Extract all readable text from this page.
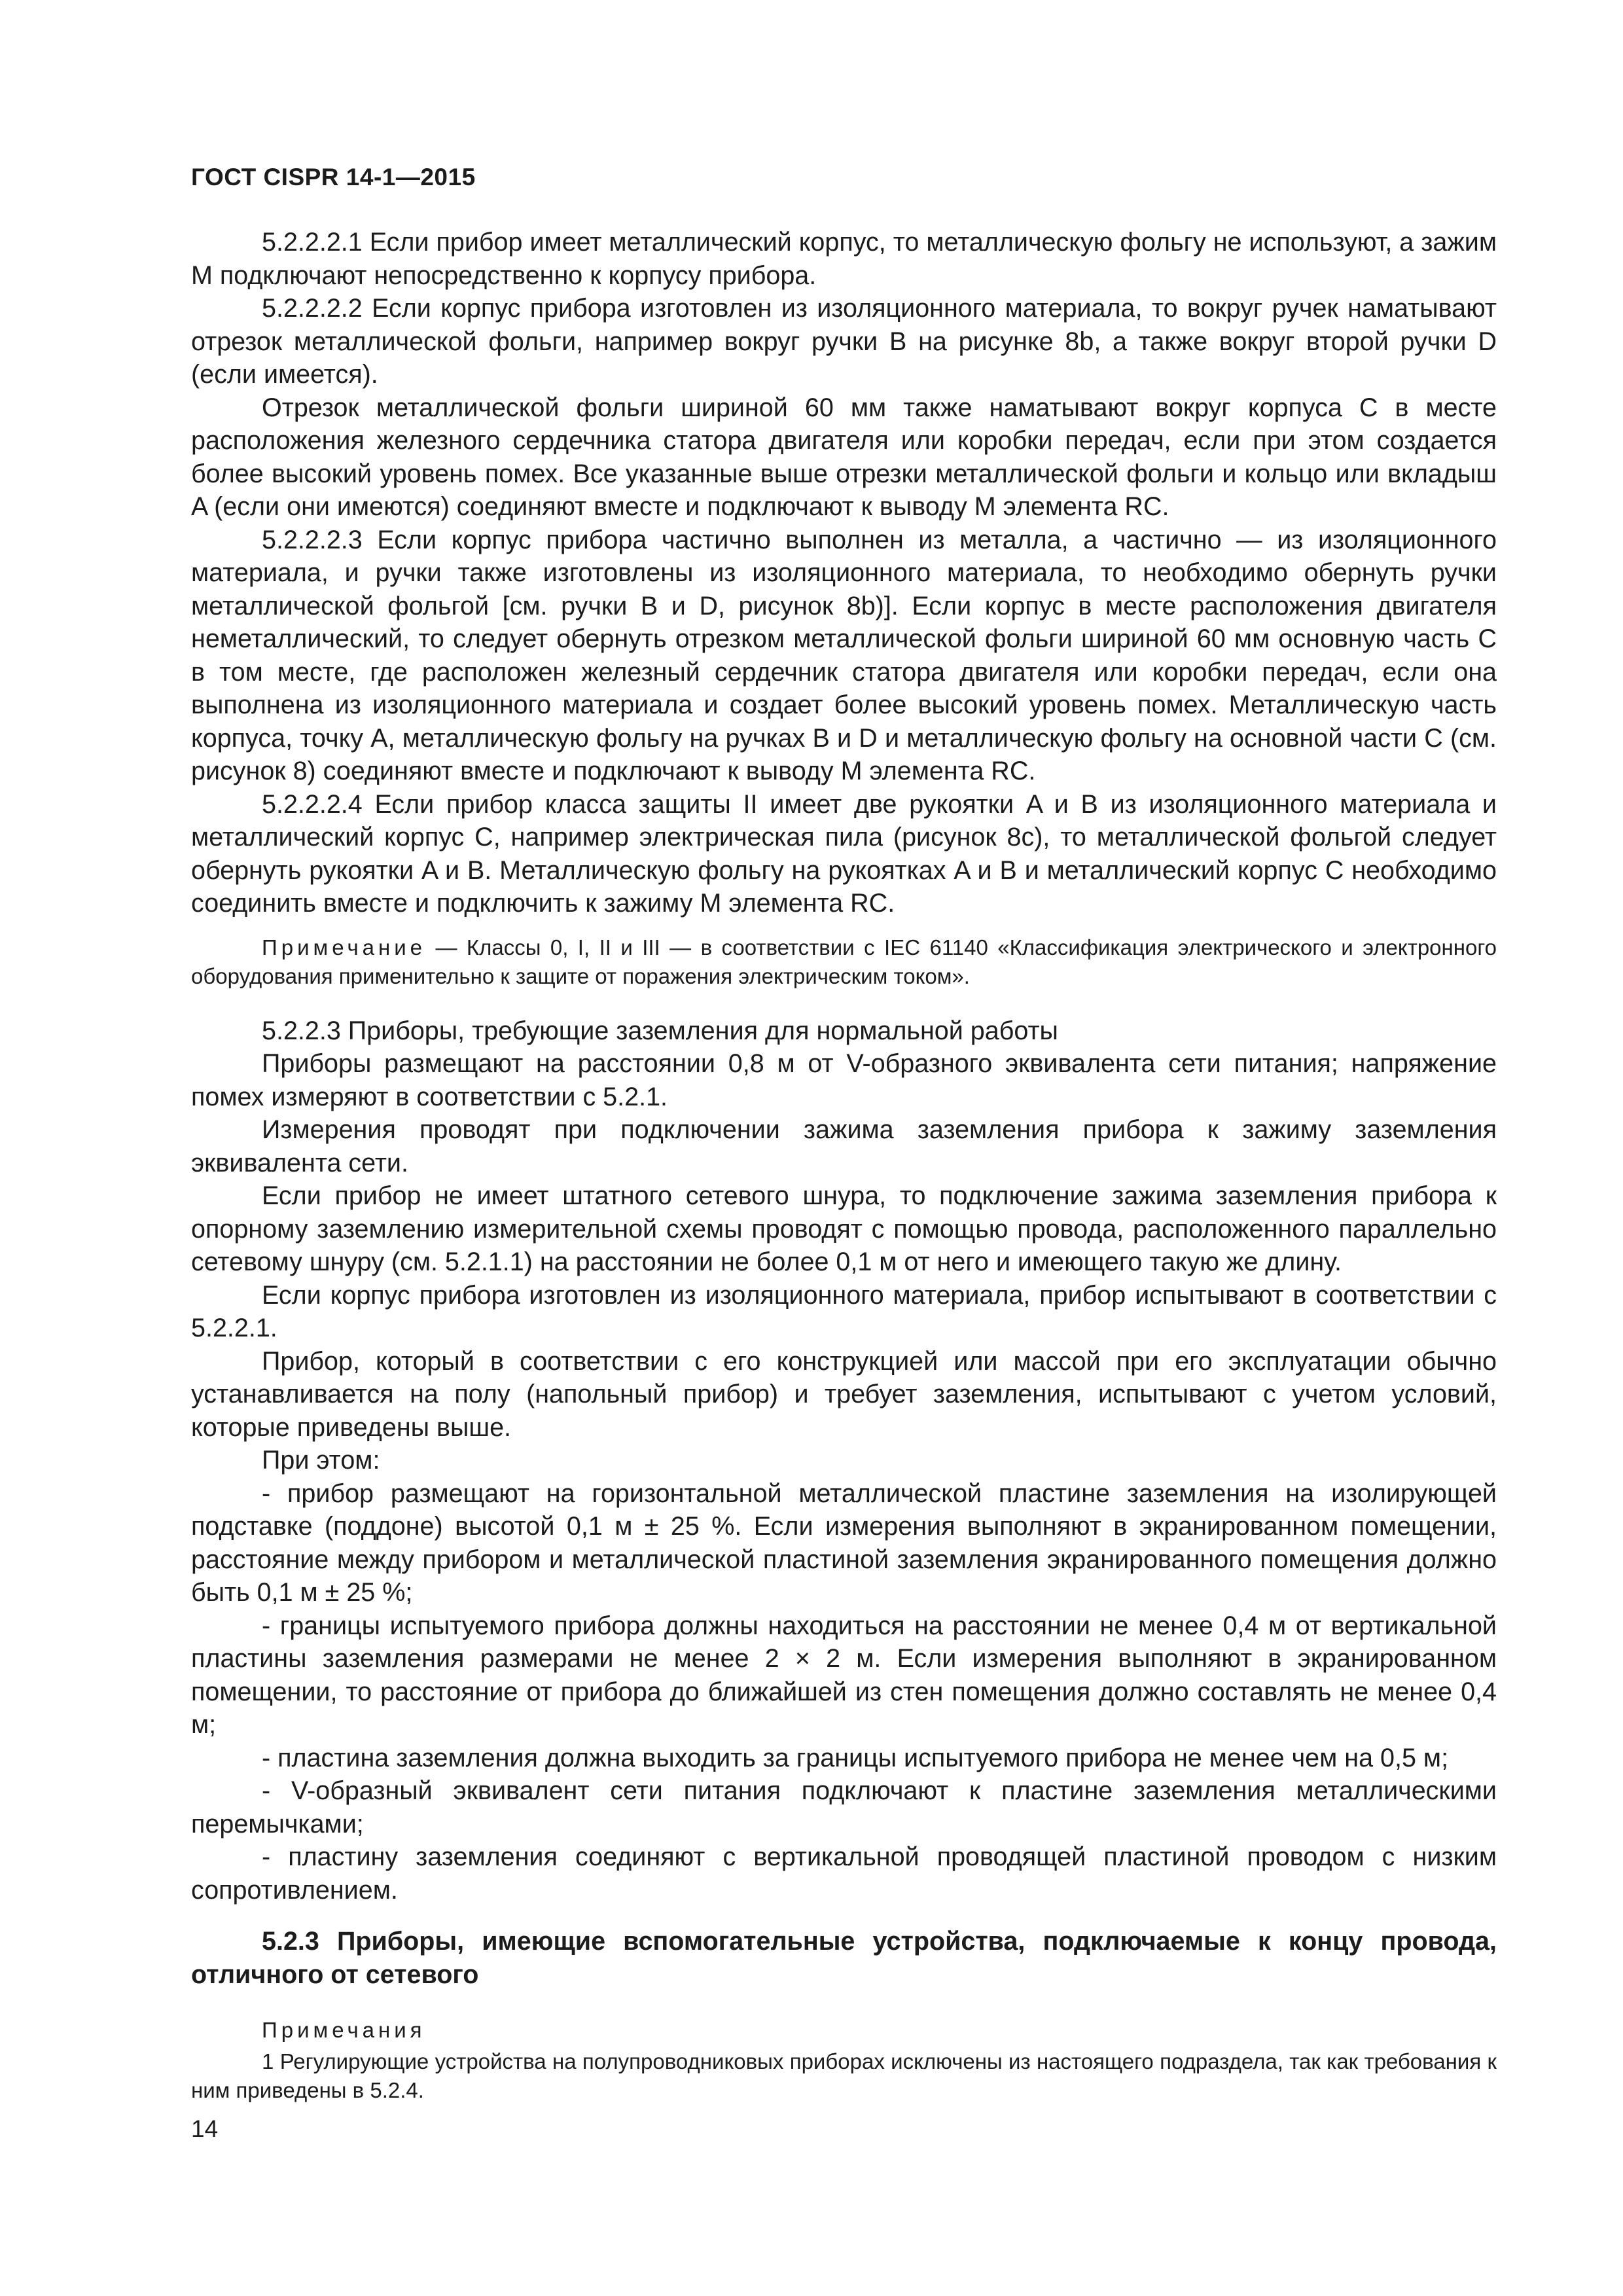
ГОСТ CISPR 14-1—2015

5.2.2.2.1 Если прибор имеет металлический корпус, то металлическую фольгу не используют, а зажим M подключают непосредственно к корпусу прибора.

5.2.2.2.2 Если корпус прибора изготовлен из изоляционного материала, то вокруг ручек наматывают отрезок металлической фольги, например вокруг ручки B на рисунке 8b, а также вокруг второй ручки D (если имеется).

Отрезок металлической фольги шириной 60 мм также наматывают вокруг корпуса C в месте расположения железного сердечника статора двигателя или коробки передач, если при этом создается более высокий уровень помех. Все указанные выше отрезки металлической фольги и кольцо или вкладыш A (если они имеются) соединяют вместе и подключают к выводу M элемента RC.

5.2.2.2.3 Если корпус прибора частично выполнен из металла, а частично — из изоляционного материала, и ручки также изготовлены из изоляционного материала, то необходимо обернуть ручки металлической фольгой [см. ручки B и D, рисунок 8b)]. Если корпус в месте расположения двигателя неметаллический, то следует обернуть отрезком металлической фольги шириной 60 мм основную часть C в том месте, где расположен железный сердечник статора двигателя или коробки передач, если она выполнена из изоляционного материала и создает более высокий уровень помех. Металлическую часть корпуса, точку A, металлическую фольгу на ручках B и D и металлическую фольгу на основной части C (см. рисунок 8) соединяют вместе и подключают к выводу M элемента RC.

5.2.2.2.4 Если прибор класса защиты II имеет две рукоятки A и B из изоляционного материала и металлический корпус C, например электрическая пила (рисунок 8c), то металлической фольгой следует обернуть рукоятки A и B. Металлическую фольгу на рукоятках A и B и металлический корпус C необходимо соединить вместе и подключить к зажиму M элемента RC.

Примечание — Классы 0, I, II и III — в соответствии с IEC 61140 «Классификация электрического и электронного оборудования применительно к защите от поражения электрическим током».

5.2.2.3 Приборы, требующие заземления для нормальной работы

Приборы размещают на расстоянии 0,8 м от V-образного эквивалента сети питания; напряжение помех измеряют в соответствии с 5.2.1.

Измерения проводят при подключении зажима заземления прибора к зажиму заземления эквивалента сети.

Если прибор не имеет штатного сетевого шнура, то подключение зажима заземления прибора к опорному заземлению измерительной схемы проводят с помощью провода, расположенного параллельно сетевому шнуру (см. 5.2.1.1) на расстоянии не более 0,1 м от него и имеющего такую же длину.

Если корпус прибора изготовлен из изоляционного материала, прибор испытывают в соответствии с 5.2.2.1.

Прибор, который в соответствии с его конструкцией или массой при его эксплуатации обычно устанавливается на полу (напольный прибор) и требует заземления, испытывают с учетом условий, которые приведены выше.

При этом:

- прибор размещают на горизонтальной металлической пластине заземления на изолирующей подставке (поддоне) высотой 0,1 м ± 25 %. Если измерения выполняют в экранированном помещении, расстояние между прибором и металлической пластиной заземления экранированного помещения должно быть 0,1 м ± 25 %;

- границы испытуемого прибора должны находиться на расстоянии не менее 0,4 м от вертикальной пластины заземления размерами не менее 2 × 2 м. Если измерения выполняют в экранированном помещении, то расстояние от прибора до ближайшей из стен помещения должно составлять не менее 0,4 м;

- пластина заземления должна выходить за границы испытуемого прибора не менее чем на 0,5 м;

- V-образный эквивалент сети питания подключают к пластине заземления металлическими перемычками;

- пластину заземления соединяют с вертикальной проводящей пластиной проводом с низким сопротивлением.

5.2.3 Приборы, имеющие вспомогательные устройства, подключаемые к концу провода, отличного от сетевого

Примечания

1 Регулирующие устройства на полупроводниковых приборах исключены из настоящего подраздела, так как требования к ним приведены в 5.2.4.

14
